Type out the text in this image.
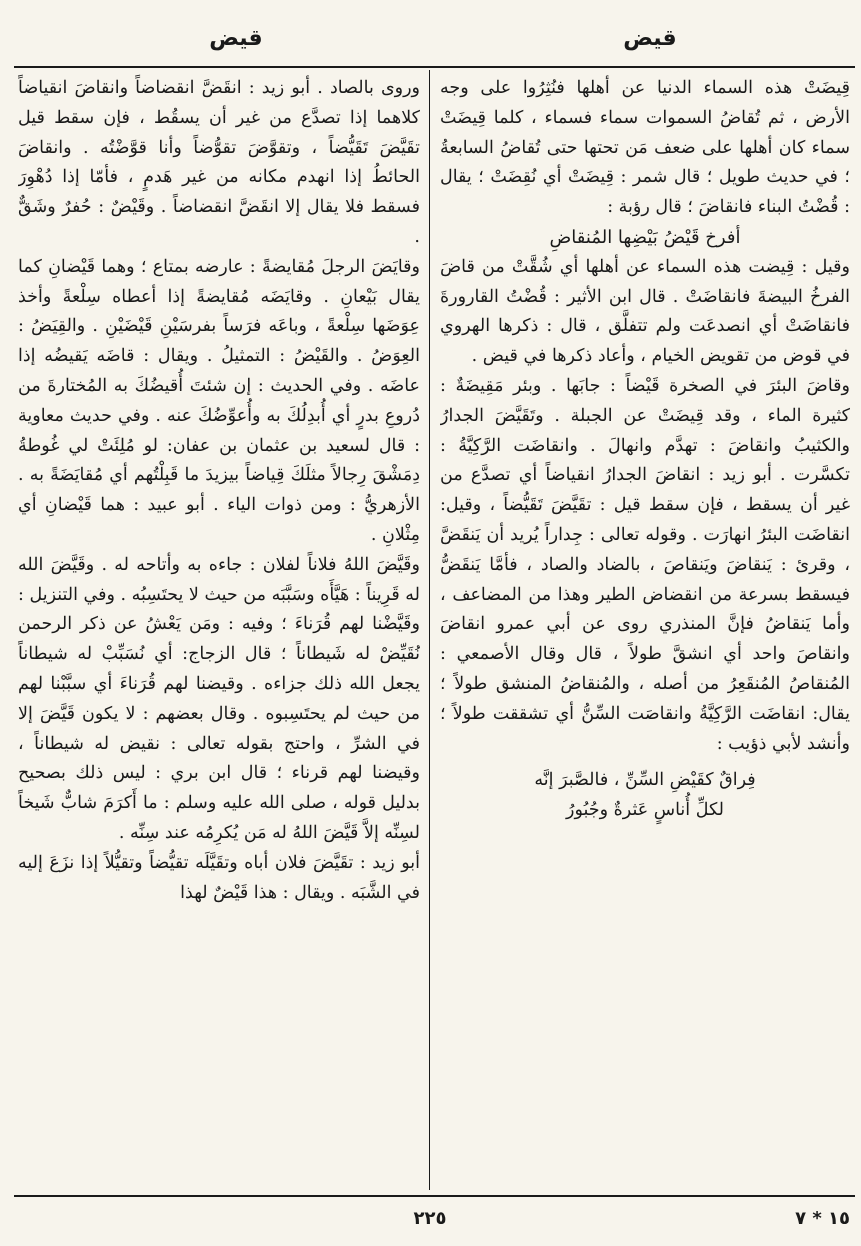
قيض
قيض

قِيضَتْ هذه السماء الدنيا عن أهلها فنُثِرُوا على وجه الأرض ، ثم تُقاضُ السموات سماء فسماء ، كلما قِيضَتْ سماء كان أهلها على ضعف مَن تحتها حتى تُقاضُ السابعةُ ؛ في حديث طويل ؛ قال شمر : قِيضَتْ أي نُقِضَتْ ؛ يقال : قُضْتُ البناء فانقاضَ ؛ قال رؤبة :

أفرخ قَيْضُ بَيْضِها المُنقاضِ

وقيل : قِيضت هذه السماء عن أهلها أي شُقَّتْ من قاضَ الفرخُ البيضةَ فانقاضَتْ . قال ابن الأثير : قُضْتُ القارورةَ فانقاضَتْ أي انصدعَت ولم تتفلَّق ، قال : ذكرها الهروي في قوض من تقويض الخيام ، وأعاد ذكرها في قيض .

وقاضَ البئرَ في الصخرة قَيْضاً : جابَها . وبئر مَقِيضَةٌ : كثيرة الماء ، وقد قِيضَتْ عن الجبلة . وتَقَيَّضَ الجدارُ والكثيبُ وانقاضَ : تهدَّم وانهالَ . وانقاضَت الرَّكِيَّةُ : تكسَّرت . أبو زيد : انقاضَ الجدارُ انقياضاً أي تصدَّع من غير أن يسقط ، فإن سقط قيل : تقَيَّضَ تَقَيُّضاً ، وقيل: انقاضَت البئرُ انهارَت . وقوله تعالى : جِداراً يُريد أن يَنقَضَّ ، وقرئ : يَنقاضَ ويَنقاصَ ، بالضاد والصاد ، فأمَّا يَنقَضُّ فيسقط بسرعة من انقضاض الطير وهذا من المضاعف ، وأما يَنقاضُ فإنَّ المنذري روى عن أبي عمرو انقاضَ وانقاصَ واحد أي انشقَّ طولاً ، قال وقال الأصمعي : المُنقاصُ المُنقَعِرُ من أصله ، والمُنقاضُ المنشق طولاً ؛ يقال: انقاضَت الرَّكِيَّةُ وانقاصَت السِّنُّ أي تشققت طولاً ؛ وأنشد لأبي ذؤيب :

فِراقٌ كقَيْضِ السِّنِّ ، فالصَّبرَ إنَّه
لكلِّ أُناسٍ عَثرةٌ وجُبُورُ

وروى بالصاد . أبو زيد : انقَضَّ انقضاضاً وانقاضَ انقياضاً كلاهما إذا تصدَّع من غير أن يسقُط ، فإن سقط قيل تقَيَّضَ تَقَيُّضاً ، وتقوَّضَ تقوُّضاً وأنا قوَّضْتُه . وانقاضَ الحائطُ إذا انهدم مكانه من غير هَدمٍ ، فأمّا إذا دُهْوِرَ فسقط فلا يقال إلا انقَضَّ انقضاضاً . وقَيْضٌ : حُفرٌ وشَقٌّ .

وقايَضَ الرجلَ مُقايضةً : عارضه بمتاع ؛ وهما قَيْضانِ كما يقال بَيْعانِ . وقايَضَه مُقايضةً إذا أعطاه سِلْعةً وأخذ عِوَضَها سِلْعةً ، وباعَه فرَساً بفرسَيْنِ قَيْضَيْنِ . والقِيَضُ : العِوَضُ . والقَيْضُ : التمثيلُ . ويقال : قاضَه يَقيضُه إذا عاضَه . وفي الحديث : إن شئتَ أُقيضُكَ به المُختارةَ من دُروعِ بدرٍ أي أُبدِلُكَ به وأُعوِّضُكَ عنه . وفي حديث معاوية : قال لسعيد بن عثمان بن عفان: لو مُلِئَتْ لي غُوطةُ دِمَشْقَ رِجالاً مثلَكَ قِياضاً بيزيدَ ما قَبِلْتُهم أي مُقايَضَةً به . الأزهريُّ : ومن ذوات الياء . أبو عبيد : هما قَيْضانِ أي مِثْلانِ .

وقَيَّضَ اللهُ فلاناً لفلان : جاءه به وأتاحه له . وقَيَّضَ الله له قَرِيناً : هَيَّأَه وسَبَّبَه من حيث لا يحتَسِبُه . وفي التنزيل : وقَيَّضْنا لهم قُرَناءَ ؛ وفيه : ومَن يَعْشُ عن ذكر الرحمن نُقَيِّضْ له شَيطاناً ؛ قال الزجاج: أي نُسَبِّبْ له شيطاناً يجعل الله ذلك جزاءه . وقيضنا لهم قُرَناءَ أي سبَّبْنا لهم من حيث لم يحتَسِبوه . وقال بعضهم : لا يكون قَيَّضَ إلا في الشرِّ ، واحتج بقوله تعالى : نقيض له شيطاناً ، وقيضنا لهم قرناء ؛ قال ابن بري : ليس ذلك بصحيح بدليل قوله ، صلى الله عليه وسلم : ما أَكرَمَ شابٌّ شَيخاً لسِنِّه إلاَّ قَيَّضَ اللهُ له مَن يُكرِمُه عند سِنِّه .

أبو زيد : تقَيَّضَ فلان أباه وتقَيَّلَه تقيُّضاً وتقيُّلاً إذا نزَعَ إليه في الشَّبَه . ويقال : هذا قَيْضٌ لهذا

٢٢٥	١٥ * ٧
